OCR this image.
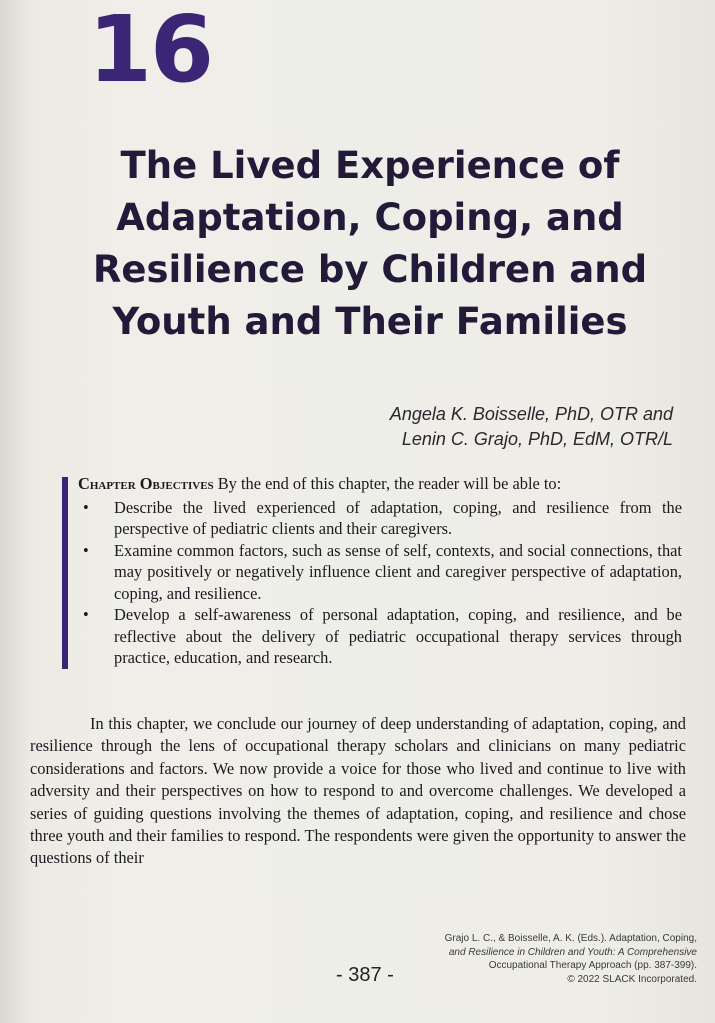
16
The Lived Experience of Adaptation, Coping, and Resilience by Children and Youth and Their Families
Angela K. Boisselle, PhD, OTR and
Lenin C. Grajo, PhD, EdM, OTR/L
Chapter Objectives By the end of this chapter, the reader will be able to:
• Describe the lived experienced of adaptation, coping, and resilience from the perspective of pediatric clients and their caregivers.
• Examine common factors, such as sense of self, contexts, and social connections, that may positively or negatively influence client and caregiver perspective of adaptation, coping, and resilience.
• Develop a self-awareness of personal adaptation, coping, and resilience, and be reflective about the delivery of pediatric occupational therapy services through practice, education, and research.

In this chapter, we conclude our journey of deep understanding of adaptation, coping, and resilience through the lens of occupational therapy scholars and clinicians on many pediatric considerations and factors. We now provide a voice for those who lived and continue to live with adversity and their perspectives on how to respond to and overcome challenges. We developed a series of guiding questions involving the themes of adaptation, coping, and resilience and chose three youth and their families to respond. The respondents were given the opportunity to answer the questions of their

Grajo L. C., & Boisselle, A. K. (Eds.). Adaptation, Coping,
and Resilience in Children and Youth: A Comprehensive
Occupational Therapy Approach (pp. 387-399).
© 2022 SLACK Incorporated.
- 387 -
